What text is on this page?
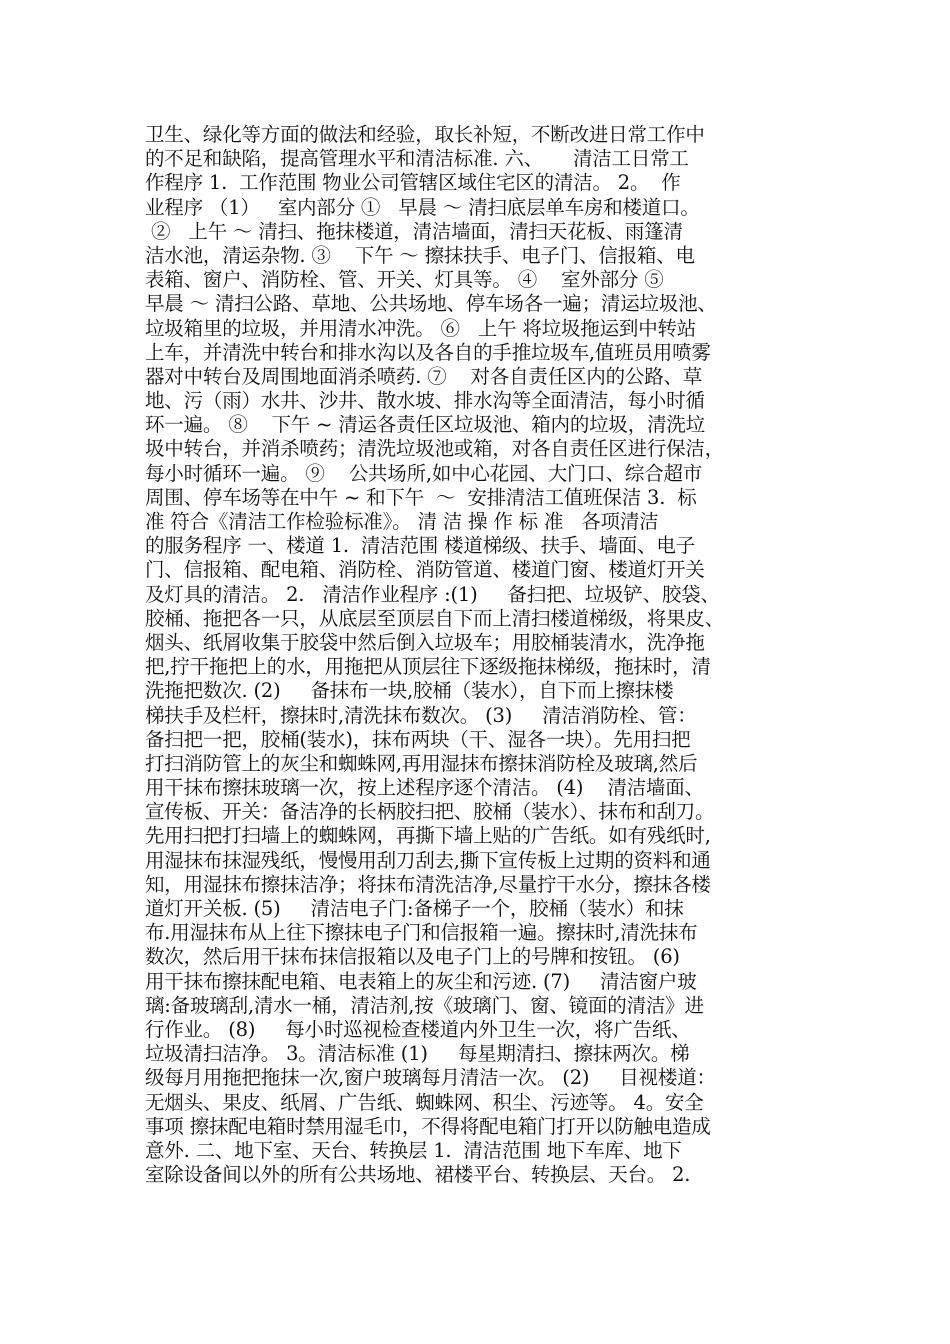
卫生、绿化等方面的做法和经验，取长补短，不断改进日常工作中
的不足和缺陷，提高管理水平和清洁标准. 六、     清洁工日常工
作程序 1.  工作范围 物业公司管辖区域住宅区的清洁。 2。  作
业程序 （1）   室内部分 ①   早晨 ～ 清扫底层单车房和楼道口。
②   上午 ～ 清扫、拖抹楼道，清洁墙面，清扫天花板、雨篷清
洁水池，清运杂物. ③    下午 ～ 擦抹扶手、电子门、信报箱、电
表箱、窗户、消防栓、管、开关、灯具等。 ④    室外部分 ⑤
早晨 ～ 清扫公路、草地、公共场地、停车场各一遍；清运垃圾池、
垃圾箱里的垃圾，并用清水冲洗。 ⑥   上午 将垃圾拖运到中转站
上车，并清洗中转台和排水沟以及各自的手推垃圾车,值班员用喷雾
器对中转台及周围地面消杀喷药. ⑦    对各自责任区内的公路、草
地、污（雨）水井、沙井、散水坡、排水沟等全面清洁，每小时循
环一遍。 ⑧    下午 ~ 清运各责任区垃圾池、箱内的垃圾，清洗垃
圾中转台，并消杀喷药；清洗垃圾池或箱，对各自责任区进行保洁，
每小时循环一遍。 ⑨    公共场所,如中心花园、大门口、综合超市
周围、停车场等在中午 ~ 和下午  ～  安排清洁工值班保洁 3.  标
准 符合《清洁工作检验标准》。 清 洁 操 作 标 准   各项清洁
的服务程序 一、楼道 1.  清洁范围 楼道梯级、扶手、墙面、电子
门、信报箱、配电箱、消防栓、消防管道、楼道门窗、楼道灯开关
及灯具的清洁。 2.   清洁作业程序 :(1)     备扫把、垃圾铲、胶袋、
胶桶、拖把各一只，从底层至顶层自下而上清扫楼道梯级，将果皮、
烟头、纸屑收集于胶袋中然后倒入垃圾车；用胶桶装清水，洗净拖
把,拧干拖把上的水，用拖把从顶层往下逐级拖抹梯级，拖抹时，清
洗拖把数次. (2)     备抹布一块,胶桶（装水），自下而上擦抹楼
梯扶手及栏杆，擦抹时,清洗抹布数次。 (3)     清洁消防栓、管：
备扫把一把，胶桶(装水)，抹布两块（干、湿各一块）。先用扫把
打扫消防管上的灰尘和蜘蛛网,再用湿抹布擦抹消防栓及玻璃,然后
用干抹布擦抹玻璃一次，按上述程序逐个清洁。 (4)    清洁墙面、
宣传板、开关：备洁净的长柄胶扫把、胶桶（装水）、抹布和刮刀。
先用扫把打扫墙上的蜘蛛网，再撕下墙上贴的广告纸。如有残纸时,
用湿抹布抹湿残纸，慢慢用刮刀刮去,撕下宣传板上过期的资料和通
知，用湿抹布擦抹洁净；将抹布清洗洁净,尽量拧干水分，擦抹各楼
道灯开关板. (5)     清洁电子门:备梯子一个，胶桶（装水）和抹
布.用湿抹布从上往下擦抹电子门和信报箱一遍。擦抹时,清洗抹布
数次，然后用干抹布抹信报箱以及电子门上的号牌和按钮。 (6)
用干抹布擦抹配电箱、电表箱上的灰尘和污迹. (7)     清洁窗户玻
璃:备玻璃刮,清水一桶，清洁剂,按《玻璃门、窗、镜面的清洁》进
行作业。 (8)     每小时巡视检查楼道内外卫生一次，将广告纸、
垃圾清扫洁净。 3。清洁标准 (1)     每星期清扫、擦抹两次。梯
级每月用拖把拖抹一次,窗户玻璃每月清洁一次。 (2)     目视楼道：
无烟头、果皮、纸屑、广告纸、蜘蛛网、积尘、污迹等。 4。安全
事项 擦抹配电箱时禁用湿毛巾，不得将配电箱门打开以防触电造成
意外. 二、地下室、天台、转换层 1.  清洁范围 地下车库、地下
室除设备间以外的所有公共场地、裙楼平台、转换层、天台。 2.
